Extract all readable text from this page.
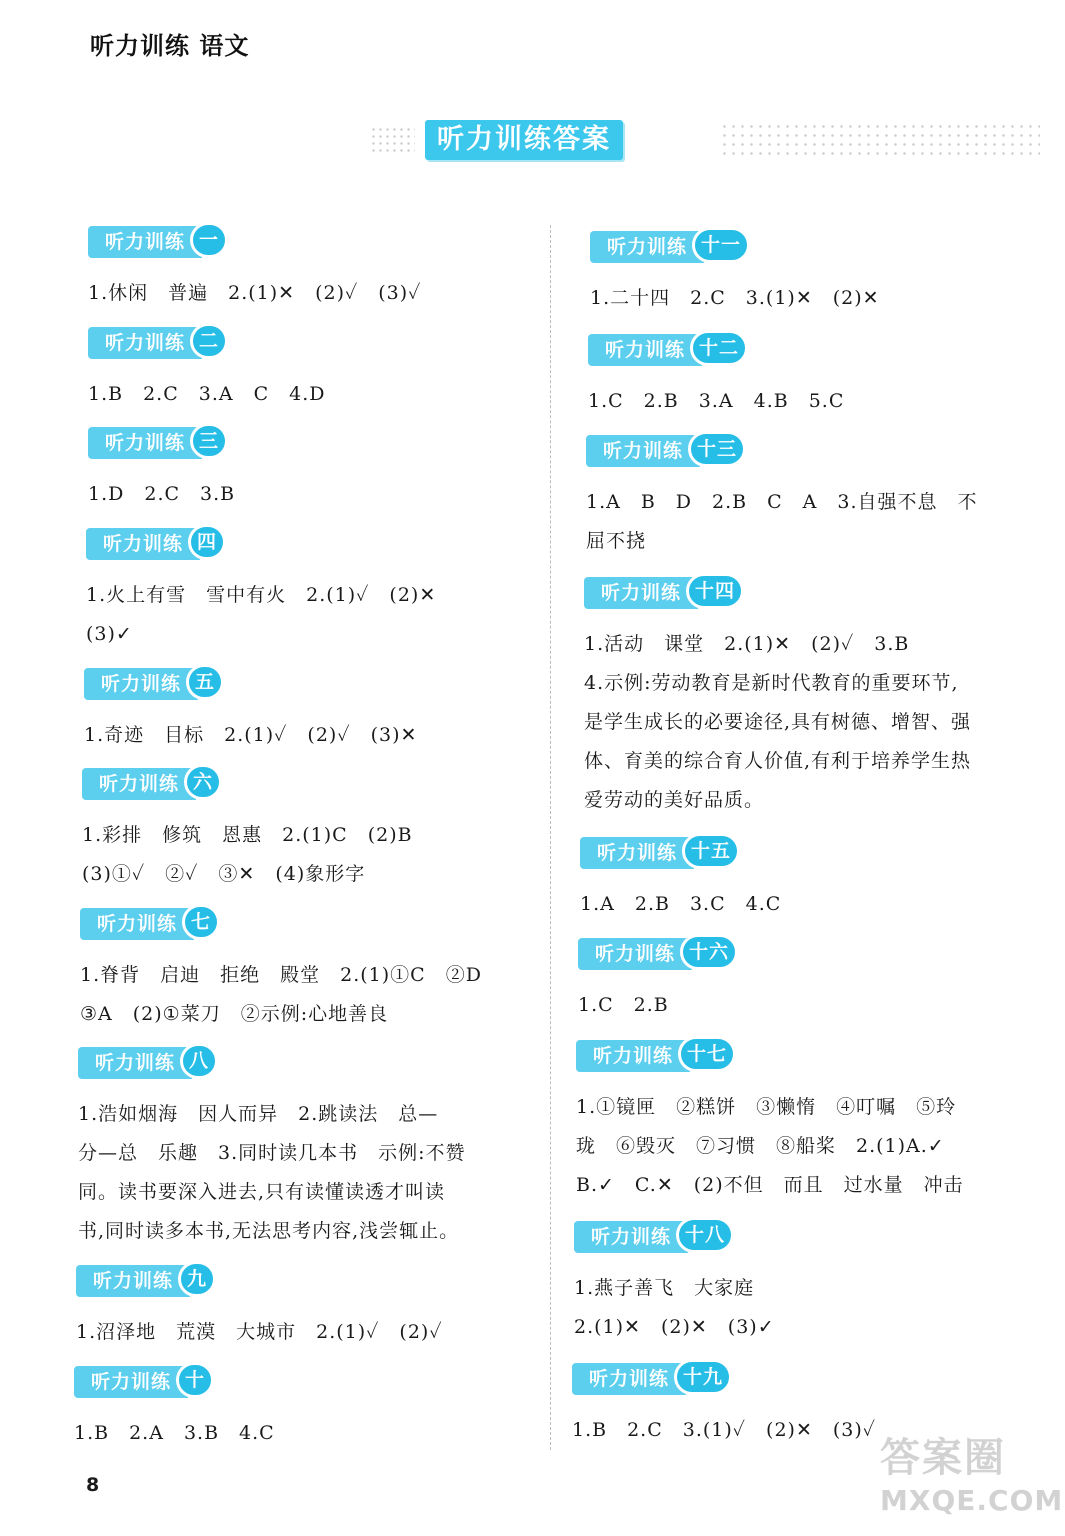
听力训练 语文
听力训练答案
听力训练 一
1.休闲　普遍　2.(1)✕　(2)✓　(3)✓
听力训练 二
1.B　2.C　3.A　C　4.D
听力训练 三
1.D　2.C　3.B
听力训练 四
1.火上有雪　雪中有火　2.(1)✓　(2)✕
(3)✓
听力训练 五
1.奇迹　目标　2.(1)✓　(2)✓　(3)✕
听力训练 六
1.彩排　修筑　恩惠　2.(1)C　(2)B
(3)①✓　②✓　③✕　(4)象形字
听力训练 七
1.脊背　启迪　拒绝　殿堂　2.(1)①C　②D
③A　(2)①菜刀　②示例:心地善良
听力训练 八
1.浩如烟海　因人而异　2.跳读法　总—
分—总　乐趣　3.同时读几本书　示例:不赞
同。读书要深入进去,只有读懂读透才叫读
书,同时读多本书,无法思考内容,浅尝辄止。
听力训练 九
1.沼泽地　荒漠　大城市　2.(1)✓　(2)✓
听力训练 十
1.B　2.A　3.B　4.C
听力训练 十一
1.二十四　2.C　3.(1)✕　(2)✕
听力训练 十二
1.C　2.B　3.A　4.B　5.C
听力训练 十三
1.A　B　D　2.B　C　A　3.自强不息　不
屈不挠
听力训练 十四
1.活动　课堂　2.(1)✕　(2)✓　3.B
4.示例:劳动教育是新时代教育的重要环节,
是学生成长的必要途径,具有树德、增智、强
体、育美的综合育人价值,有利于培养学生热
爱劳动的美好品质。
听力训练 十五
1.A　2.B　3.C　4.C
听力训练 十六
1.C　2.B
听力训练 十七
1.①镜匣　②糕饼　③懒惰　④叮嘱　⑤玲
珑　⑥毁灭　⑦习惯　⑧船桨　2.(1)A.✓
B.✓　C.✕　(2)不但　而且　过水量　冲击
听力训练 十八
1.燕子善飞　大家庭
2.(1)✕　(2)✕　(3)✓
听力训练 十九
1.B　2.C　3.(1)✓　(2)✕　(3)✓
8
答案圈
MXQE.COM
